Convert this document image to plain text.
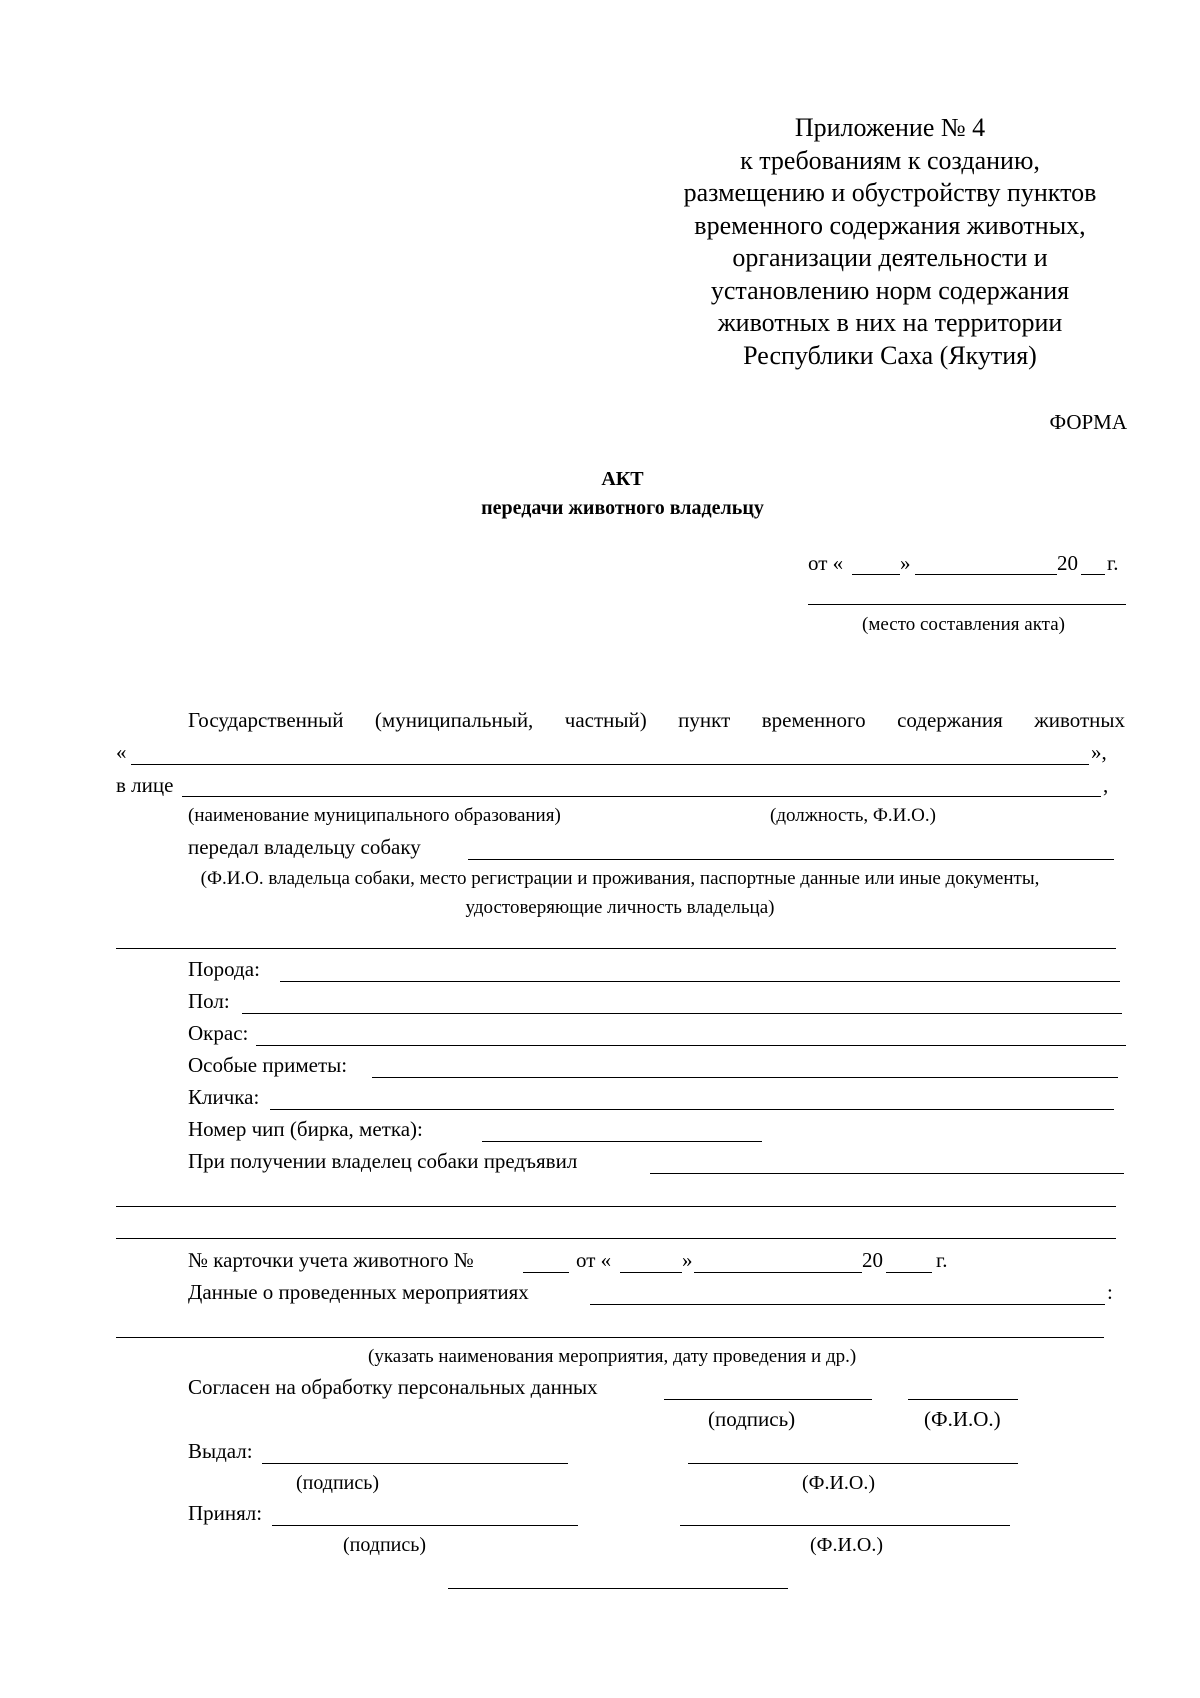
Приложение № 4
к требованиям к созданию,
размещению и обустройству пунктов
временного содержания животных,
организации деятельности и
установлению норм содержания
животных в них на территории
Республики Саха (Якутия)
ФОРМА
АКТ
передачи животного владельцу
от «	»	20 г.
(место составления акта)
Государственный (муниципальный, частный) пункт временного содержания животных
«	»,
в лице	,
(наименование муниципального образования)	(должность, Ф.И.О.)
передал владельцу собаку
(Ф.И.О. владельца собаки, место регистрации и проживания, паспортные данные или иные документы,
удостоверяющие личность владельца)
Порода:
Пол:
Окрас:
Особые приметы:
Кличка:
Номер чип (бирка, метка):
При получении владелец собаки предъявил
№ карточки учета животного №	от «	»	20	г.
Данные о проведенных мероприятиях	:
(указать наименования мероприятия, дату проведения и др.)
Согласен на обработку персональных данных
(подпись)	(Ф.И.О.)
Выдал:
(подпись)	(Ф.И.О.)
Принял:
(подпись)	(Ф.И.О.)
